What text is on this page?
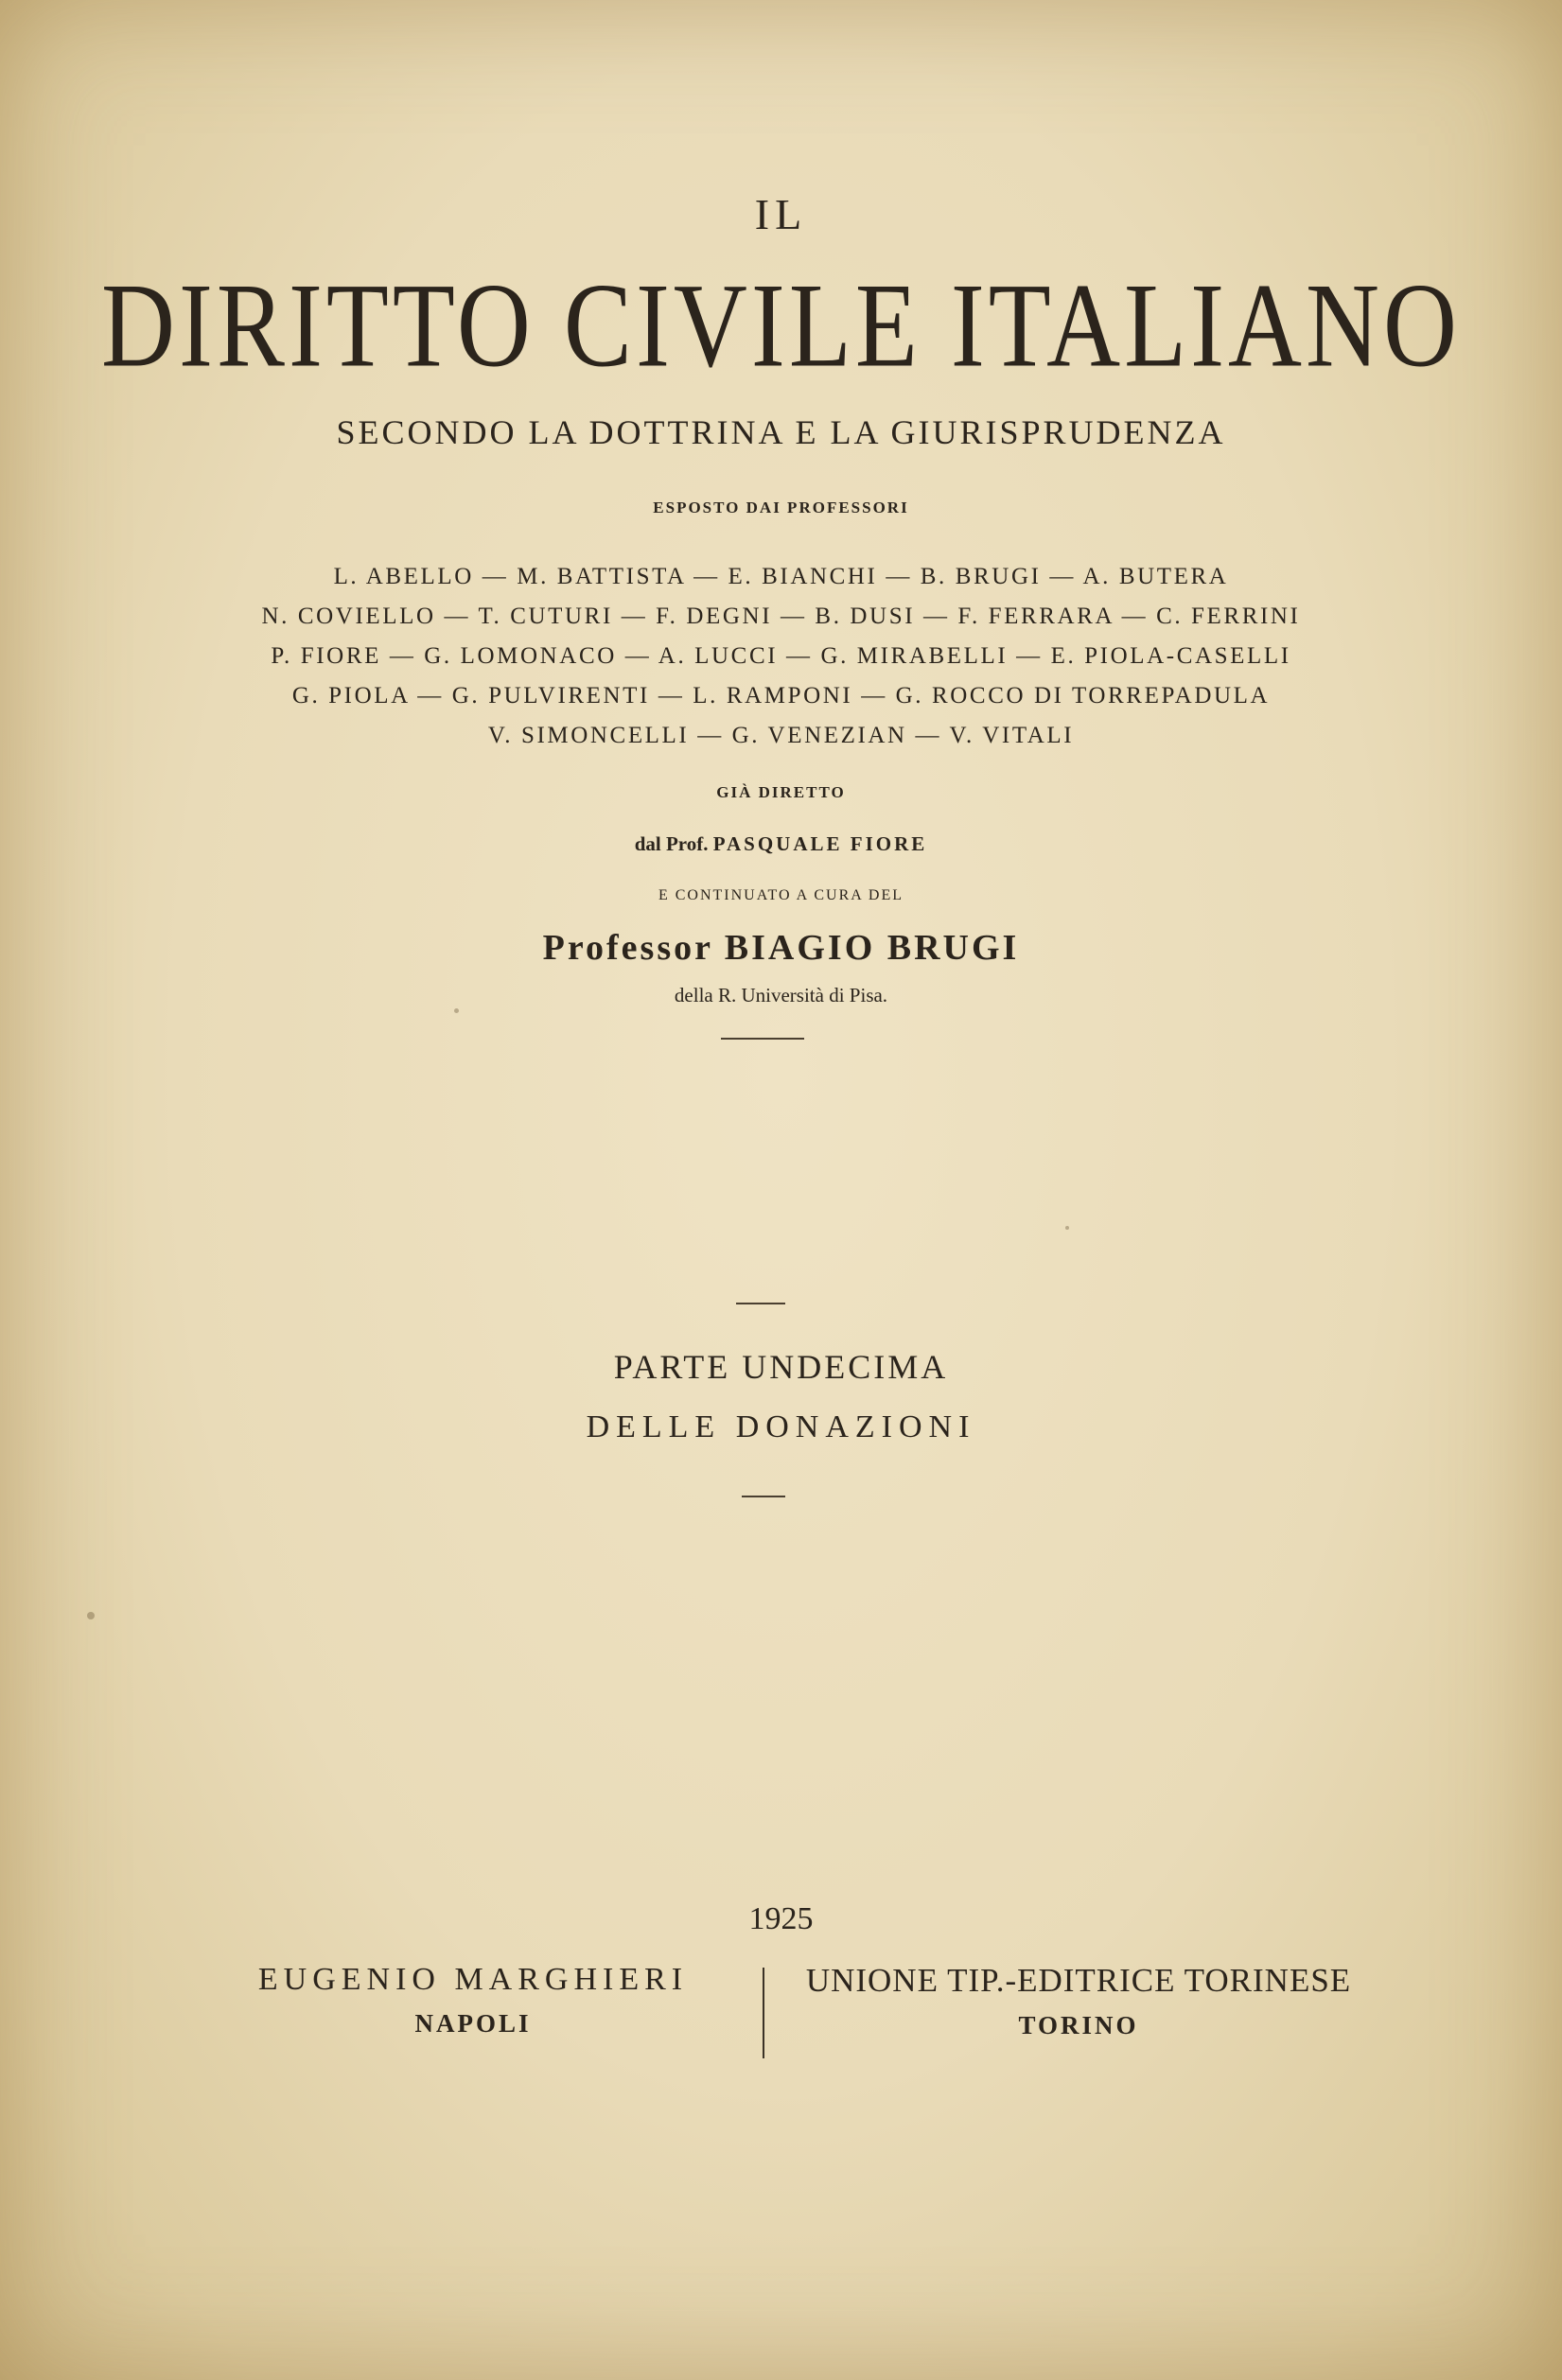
IL
DIRITTO CIVILE ITALIANO
SECONDO LA DOTTRINA E LA GIURISPRUDENZA
ESPOSTO DAI PROFESSORI
L. ABELLO — M. BATTISTA — E. BIANCHI — B. BRUGI — A. BUTERA
N. COVIELLO — T. CUTURI — F. DEGNI — B. DUSI — F. FERRARA — C. FERRINI
P. FIORE — G. LOMONACO — A. LUCCI — G. MIRABELLI — E. PIOLA-CASELLI
G. PIOLA — G. PULVIRENTI — L. RAMPONI — G. ROCCO DI TORREPADULA
V. SIMONCELLI — G. VENEZIAN — V. VITALI
GIÀ DIRETTO
dal Prof. PASQUALE FIORE
E CONTINUATO A CURA DEL
Professor BIAGIO BRUGI
della R. Università di Pisa.
PARTE UNDECIMA
DELLE DONAZIONI
1925
EUGENIO MARGHIERI
NAPOLI
UNIONE TIP.-EDITRICE TORINESE
TORINO
